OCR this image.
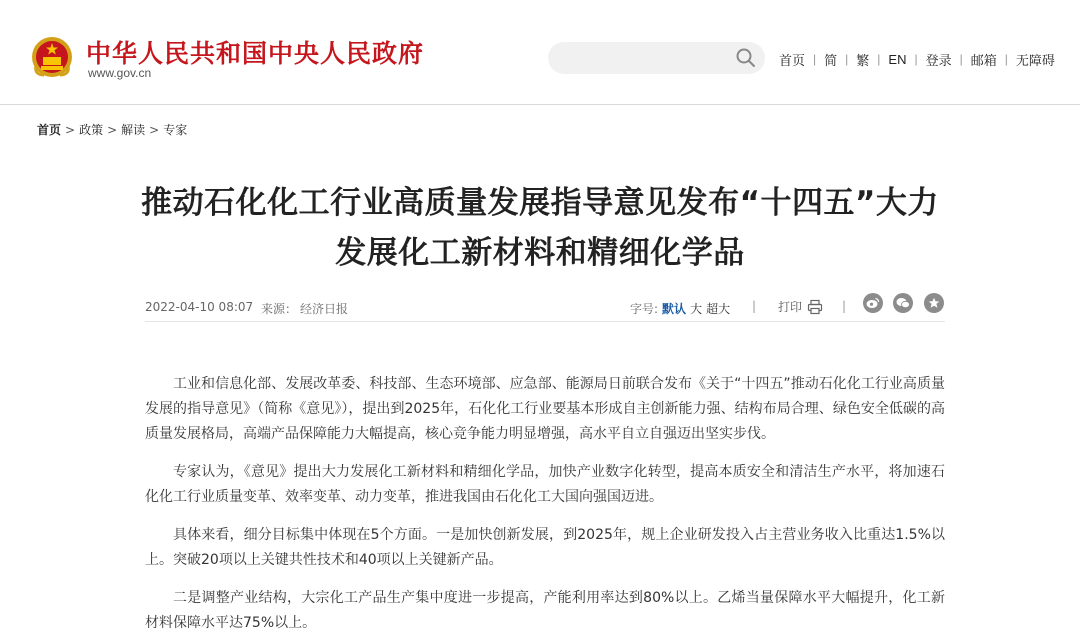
中华人民共和国中央人民政府
www.gov.cn
首页 | 简 | 繁 | EN | 登录 | 邮箱 | 无障碍
首页 > 政策 > 解读 > 专家
推动石化化工行业高质量发展指导意见发布“十四五”大力发展化工新材料和精细化学品
2022-04-10 08:07 来源： 经济日报	字号: 默认 大 超大 | 打印	|

工业和信息化部、发展改革委、科技部、生态环境部、应急部、能源局日前联合发布《关于“十四五”推动石化化工行业高质量发展的指导意见》（简称《意见》），提出到2025年，石化化工行业要基本形成自主创新能力强、结构布局合理、绿色安全低碳的高质量发展格局，高端产品保障能力大幅提高，核心竞争能力明显增强，高水平自立自强迈出坚实步伐。

专家认为，《意见》提出大力发展化工新材料和精细化学品，加快产业数字化转型，提高本质安全和清洁生产水平，将加速石化化工行业质量变革、效率变革、动力变革，推进我国由石化化工大国向强国迈进。

具体来看，细分目标集中体现在5个方面。一是加快创新发展，到2025年，规上企业研发投入占主营业务收入比重达1.5%以上。突破20项以上关键共性技术和40项以上关键新产品。

二是调整产业结构，大宗化工产品生产集中度进一步提高，产能利用率达到80%以上。乙烯当量保障水平大幅提升，化工新材料保障水平达75%以上。
